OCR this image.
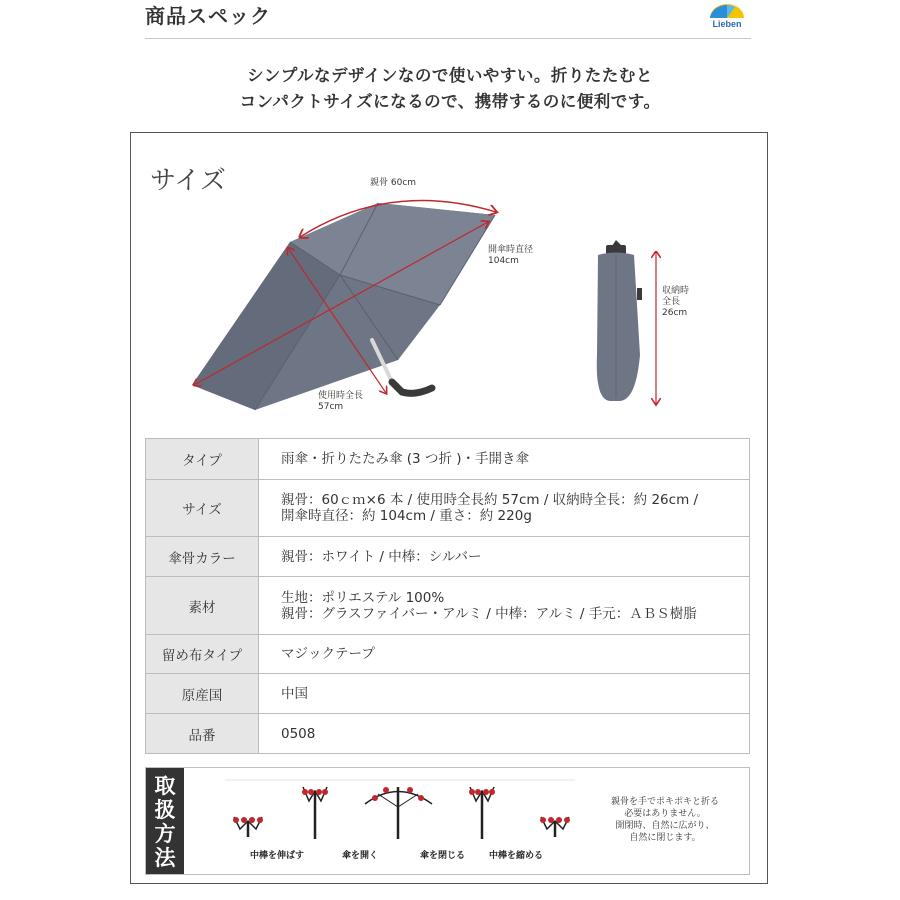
商品スペック	Lieben
シンプルなデザインなので使いやすい。折りたたむと
コンパクトサイズになるので、携帯するのに便利です。
サイズ	親骨 60cm
開傘時直径
104cm
使用時全長
57cm
収納時
全長
26cm
タイプ	雨傘・折りたたみ傘 (3 つ折 )・手開き傘

サイズ	親骨：60ｃｍ×6 本 / 使用時全長約 57cm / 収納時全長：約 26cm /
開傘時直径：約 104cm / 重さ：約 220g

傘骨カラー	親骨：ホワイト / 中棒：シルバー

素材	生地：ポリエステル 100%
親骨：グラスファイバー・アルミ / 中棒：アルミ / 手元：ＡＢＳ樹脂

留め布タイプ	マジックテープ

原産国	中国

品番	0508
取
扱
方
法	中棒を伸ばす	傘を開く	傘を閉じる	中棒を縮める
親骨を手でポキポキと折る
必要はありません。
開閉時、自然に広がり、
自然に閉じます。
